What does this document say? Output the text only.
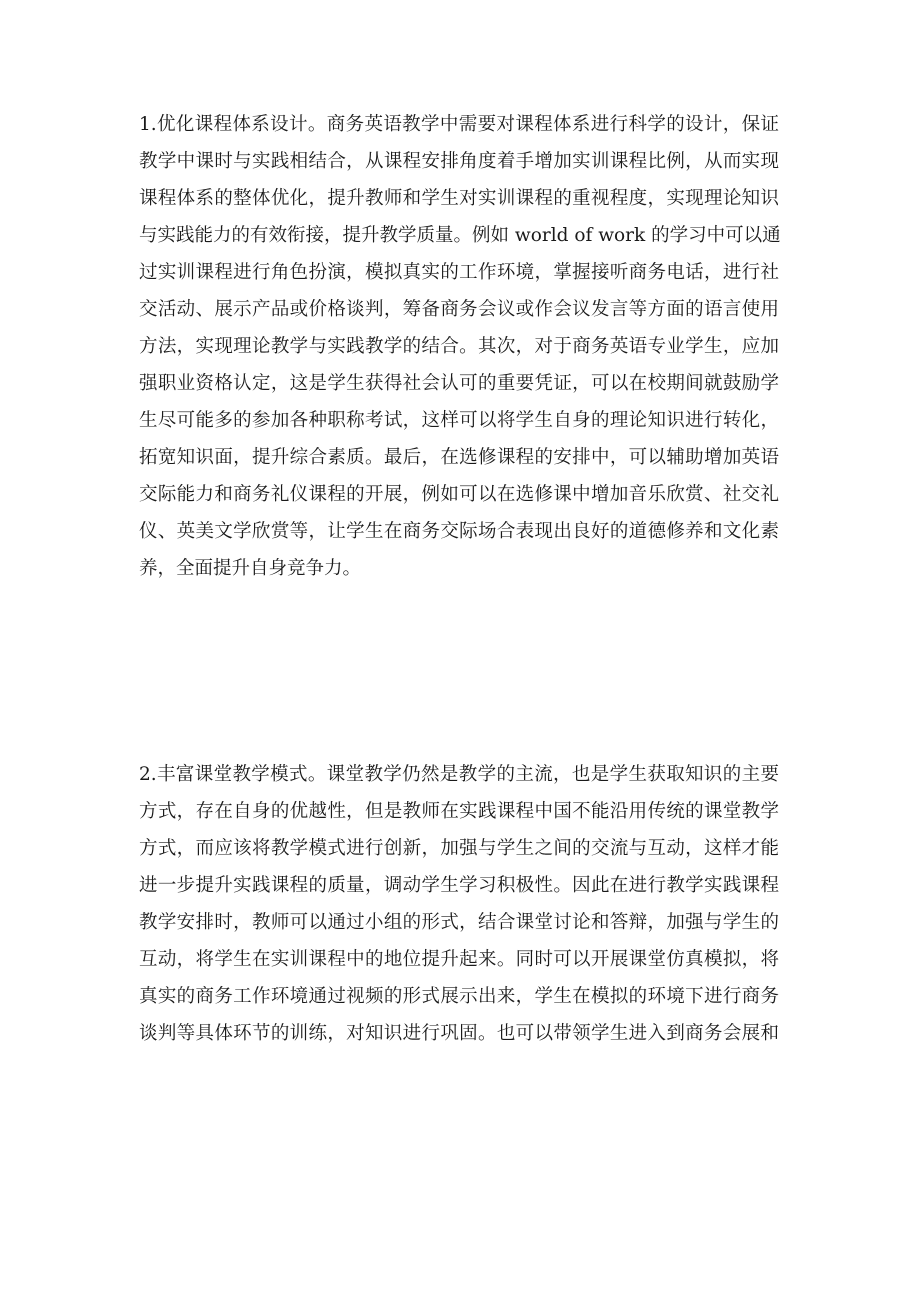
1.优化课程体系设计。商务英语教学中需要对课程体系进行科学的设计，保证
教学中课时与实践相结合，从课程安排角度着手增加实训课程比例，从而实现
课程体系的整体优化，提升教师和学生对实训课程的重视程度，实现理论知识
与实践能力的有效衔接，提升教学质量。例如 world of work 的学习中可以通
过实训课程进行角色扮演，模拟真实的工作环境，掌握接听商务电话，进行社
交活动、展示产品或价格谈判，筹备商务会议或作会议发言等方面的语言使用
方法，实现理论教学与实践教学的结合。其次，对于商务英语专业学生，应加
强职业资格认定，这是学生获得社会认可的重要凭证，可以在校期间就鼓励学
生尽可能多的参加各种职称考试，这样可以将学生自身的理论知识进行转化，
拓宽知识面，提升综合素质。最后，在选修课程的安排中，可以辅助增加英语
交际能力和商务礼仪课程的开展，例如可以在选修课中增加音乐欣赏、社交礼
仪、英美文学欣赏等，让学生在商务交际场合表现出良好的道德修养和文化素
养，全面提升自身竞争力。

2.丰富课堂教学模式。课堂教学仍然是教学的主流，也是学生获取知识的主要
方式，存在自身的优越性，但是教师在实践课程中国不能沿用传统的课堂教学
方式，而应该将教学模式进行创新，加强与学生之间的交流与互动，这样才能
进一步提升实践课程的质量，调动学生学习积极性。因此在进行教学实践课程
教学安排时，教师可以通过小组的形式，结合课堂讨论和答辩，加强与学生的
互动，将学生在实训课程中的地位提升起来。同时可以开展课堂仿真模拟，将
真实的商务工作环境通过视频的形式展示出来，学生在模拟的环境下进行商务
谈判等具体环节的训练，对知识进行巩固。也可以带领学生进入到商务会展和
